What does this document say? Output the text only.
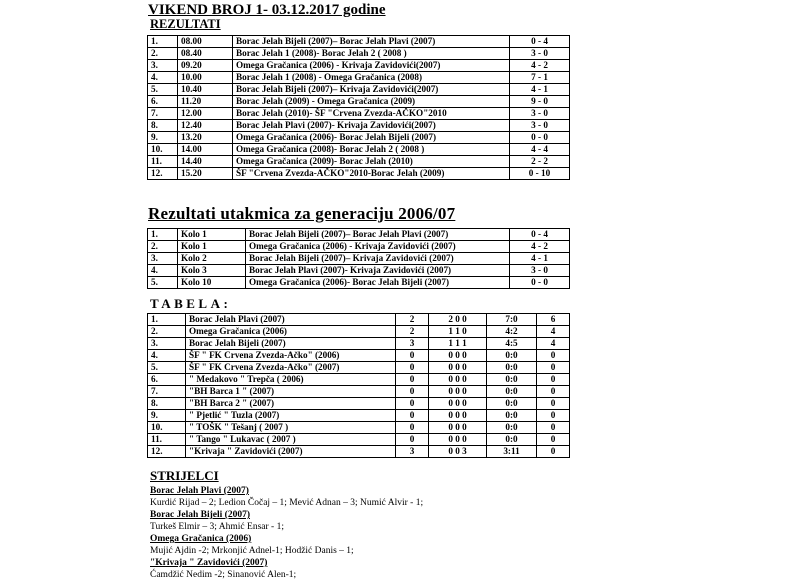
VIKEND BROJ 1- 03.12.2017 godine
REZULTATI
1.	08.00	Borac Jelah Bijeli (2007)– Borac Jelah Plavi (2007)	0 - 4
2.	08.40	Borac Jelah 1 (2008)- Borac Jelah 2 ( 2008 )	3 - 0
3.	09.20	Omega Gračanica (2006) - Krivaja Zavidovići(2007)	4 - 2
4.	10.00	Borac Jelah 1 (2008) - Omega Gračanica (2008)	7 - 1
5.	10.40	Borac Jelah Bijeli (2007)– Krivaja Zavidovići(2007)	4 - 1
6.	11.20	Borac Jelah (2009) - Omega Gračanica (2009)	9 - 0
7.	12.00	Borac Jelah (2010)- ŠF "Crvena Zvezda-AČKO"2010	3 - 0
8.	12.40	Borac Jelah Plavi (2007)- Krivaja Zavidovići(2007)	3 - 0
9.	13.20	Omega Gračanica (2006)- Borac Jelah Bijeli (2007)	0 - 0
10.	14.00	Omega Gračanica (2008)- Borac Jelah 2 ( 2008 )	4 - 4
11.	14.40	Omega Gračanica (2009)- Borac Jelah (2010)	2 - 2
12.	15.20	ŠF "Crvena Zvezda-AČKO"2010-Borac Jelah (2009)	0 - 10
Rezultati utakmica za generaciju 2006/07
1.	Kolo 1	Borac Jelah Bijeli (2007)– Borac Jelah Plavi (2007)	0 - 4
2.	Kolo 1	Omega Gračanica (2006) - Krivaja Zavidovići (2007)	4 - 2
3.	Kolo 2	Borac Jelah Bijeli (2007)– Krivaja Zavidovići (2007)	4 - 1
4.	Kolo 3	Borac Jelah Plavi (2007)- Krivaja Zavidovići (2007)	3 - 0
5.	Kolo 10	Omega Gračanica (2006)- Borac Jelah Bijeli (2007)	0 - 0
TABELA:
1.	Borac Jelah Plavi (2007)	2	2 0 0	7:0	6
2.	Omega Gračanica (2006)	2	1 1 0	4:2	4
3.	Borac Jelah Bijeli (2007)	3	1 1 1	4:5	4
4.	ŠF " FK Crvena Zvezda-Ačko" (2006)	0	0 0 0	0:0	0
5.	ŠF " FK Crvena Zvezda-Ačko" (2007)	0	0 0 0	0:0	0
6.	" Medakovo " Trepča ( 2006)	0	0 0 0	0:0	0
7.	"BH Barca 1 " (2007)	0	0 0 0	0:0	0
8.	"BH Barca 2 " (2007)	0	0 0 0	0:0	0
9.	" Pjetlić " Tuzla (2007)	0	0 0 0	0:0	0
10.	" TOŠK " Tešanj ( 2007 )	0	0 0 0	0:0	0
11.	" Tango " Lukavac ( 2007 )	0	0 0 0	0:0	0
12.	"Krivaja " Zavidovići (2007)	3	0 0 3	3:11	0
STRIJELCI
Borac Jelah Plavi (2007)
Kurdić Rijad – 2; Ledion Čočaj – 1; Mević Adnan – 3; Numić Alvir - 1;
Borac Jelah Bijeli (2007)
Turkeš Elmir – 3; Ahmić Ensar - 1;
Omega Gračanica (2006)
Mujić Ajdin -2; Mrkonjić Adnel-1; Hodžić Danis – 1;
"Krivaja " Zavidovići (2007)
Ćamdžić Nedim -2; Sinanović Alen-1;
